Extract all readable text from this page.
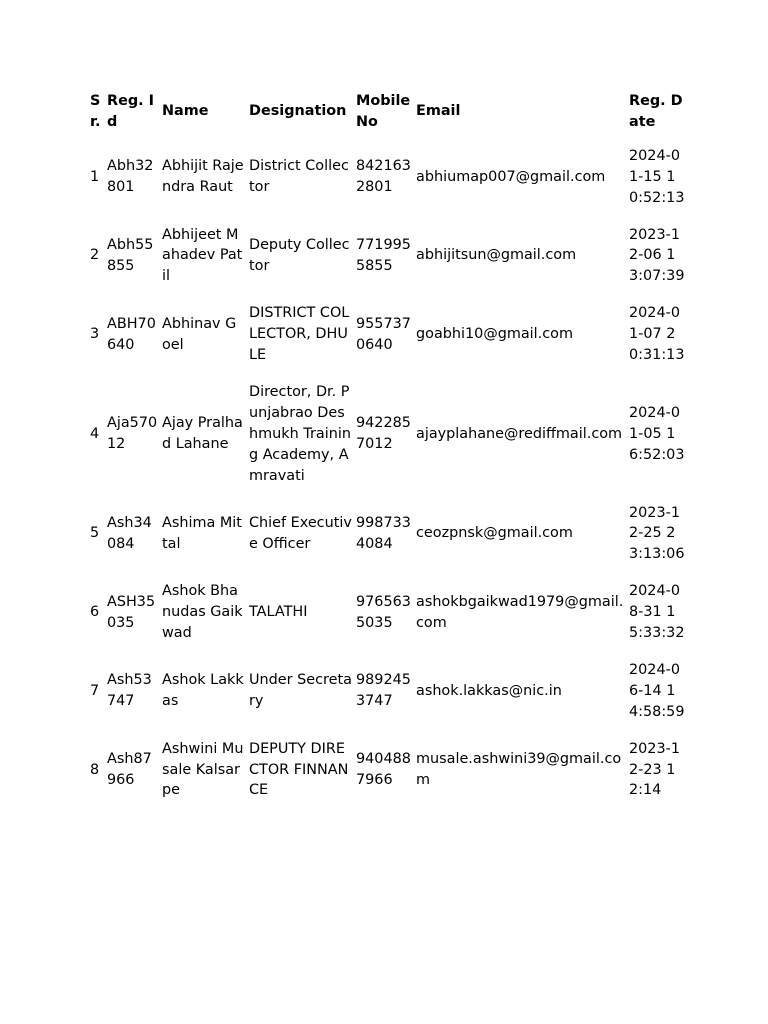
Sr.	Reg. Id	Name	Designation	Mobile No	Email	Reg. Date
1	Abh32801	Abhijit Rajendra Raut	District Collector	8421632801	abhiumap007@gmail.com	2024-01-15 10:52:13
2	Abh55855	Abhijeet Mahadev Patil	Deputy Collector	7719955855	abhijitsun@gmail.com	2023-12-06 13:07:39
3	ABH70640	Abhinav Goel	DISTRICT COLLECTOR, DHULE	9557370640	goabhi10@gmail.com	2024-01-07 20:31:13
4	Aja57012	Ajay Pralhad Lahane	Director, Dr. Punjabrao Deshmukh Training Academy, Amravati	9422857012	ajayplahane@rediffmail.com	2024-01-05 16:52:03
5	Ash34084	Ashima Mittal	Chief Executive Officer	9987334084	ceozpnsk@gmail.com	2023-12-25 23:13:06
6	ASH35035	Ashok Bhanudas Gaikwad	TALATHI	9765635035	ashokbgaikwad1979@gmail.com	2024-08-31 15:33:32
7	Ash53747	Ashok Lakkas	Under Secretary	9892453747	ashok.lakkas@nic.in	2024-06-14 14:58:59
8	Ash87966	Ashwini Musale Kalsarpe	DEPUTY DIRECTOR FINNANCE	9404887966	musale.ashwini39@gmail.com	2023-12-23 12:14
